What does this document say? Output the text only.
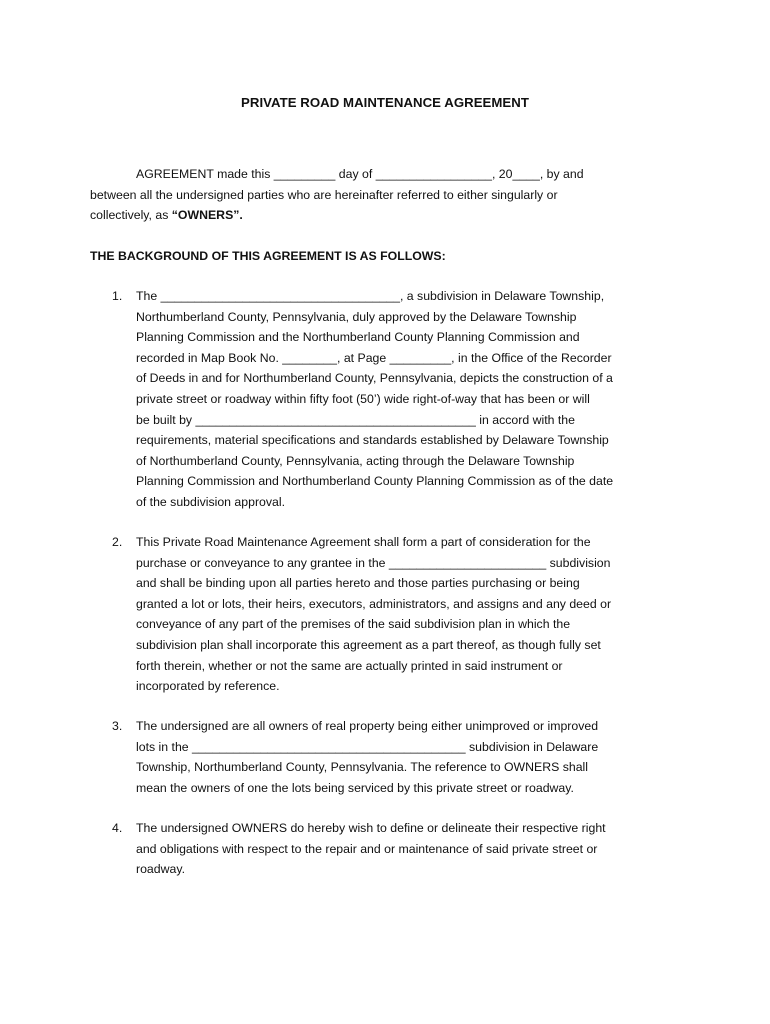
PRIVATE ROAD MAINTENANCE AGREEMENT
AGREEMENT made this _________ day of _________________, 20____, by and
between all the undersigned parties who are hereinafter referred to either singularly or
collectively, as “OWNERS”.
THE BACKGROUND OF THIS AGREEMENT IS AS FOLLOWS:
1. The ___________________________________, a subdivision in Delaware Township,
Northumberland County, Pennsylvania, duly approved by the Delaware Township
Planning Commission and the Northumberland County Planning Commission and
recorded in Map Book No. ________, at Page _________, in the Office of the Recorder
of Deeds in and for Northumberland County, Pennsylvania, depicts the construction of a
private street or roadway within fifty foot (50’) wide right-of-way that has been or will
be built by _________________________________________ in accord with the
requirements, material specifications and standards established by Delaware Township
of Northumberland County, Pennsylvania, acting through the Delaware Township
Planning Commission and Northumberland County Planning Commission as of the date
of the subdivision approval.
2. This Private Road Maintenance Agreement shall form a part of consideration for the
purchase or conveyance to any grantee in the _______________________ subdivision
and shall be binding upon all parties hereto and those parties purchasing or being
granted a lot or lots, their heirs, executors, administrators, and assigns and any deed or
conveyance of any part of the premises of the said subdivision plan in which the
subdivision plan shall incorporate this agreement as a part thereof, as though fully set
forth therein, whether or not the same are actually printed in said instrument or
incorporated by reference.
3. The undersigned are all owners of real property being either unimproved or improved
lots in the ________________________________________ subdivision in Delaware
Township, Northumberland County, Pennsylvania. The reference to OWNERS shall
mean the owners of one the lots being serviced by this private street or roadway.
4. The undersigned OWNERS do hereby wish to define or delineate their respective right
and obligations with respect to the repair and or maintenance of said private street or
roadway.
